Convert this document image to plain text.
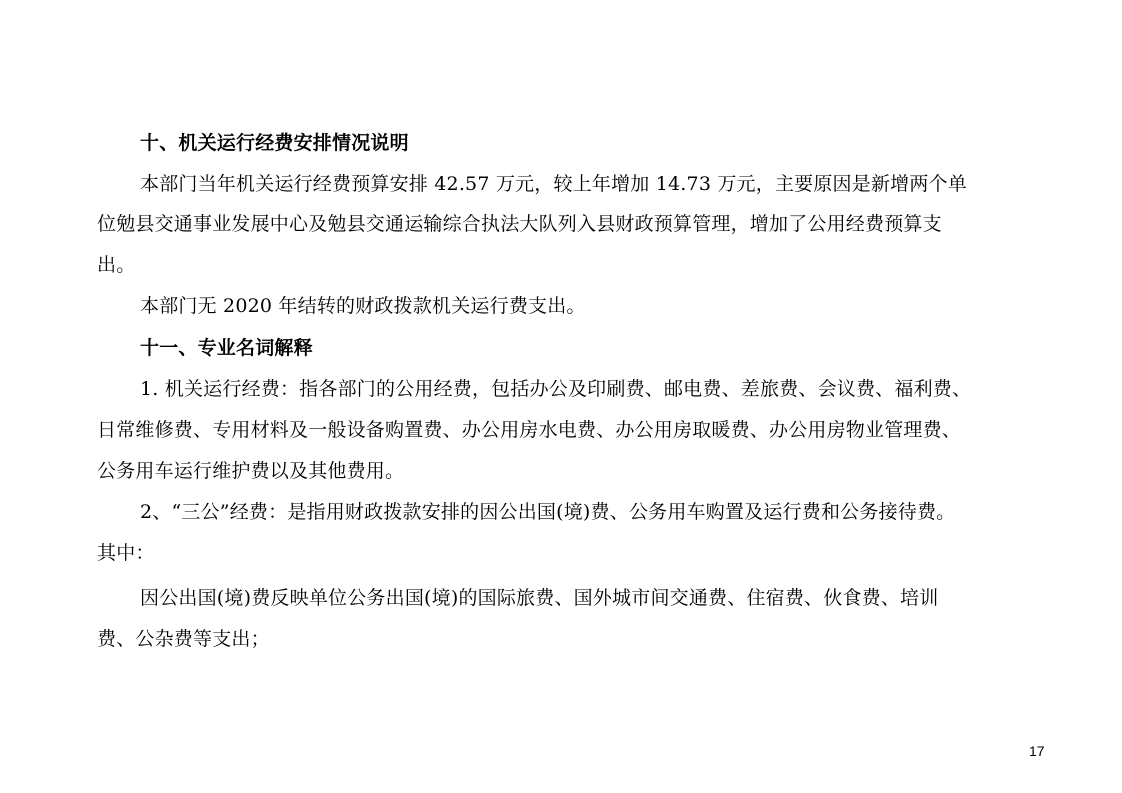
十、机关运行经费安排情况说明
本部门当年机关运行经费预算安排 42.57 万元，较上年增加 14.73 万元，主要原因是新增两个单
位勉县交通事业发展中心及勉县交通运输综合执法大队列入县财政预算管理，增加了公用经费预算支
出。
本部门无 2020 年结转的财政拨款机关运行费支出。
十一、专业名词解释
1. 机关运行经费：指各部门的公用经费，包括办公及印刷费、邮电费、差旅费、会议费、福利费、
日常维修费、专用材料及一般设备购置费、办公用房水电费、办公用房取暖费、办公用房物业管理费、
公务用车运行维护费以及其他费用。
2、“三公”经费：是指用财政拨款安排的因公出国(境)费、公务用车购置及运行费和公务接待费。
其中：
因公出国(境)费反映单位公务出国(境)的国际旅费、国外城市间交通费、住宿费、伙食费、培训
费、公杂费等支出；
17
